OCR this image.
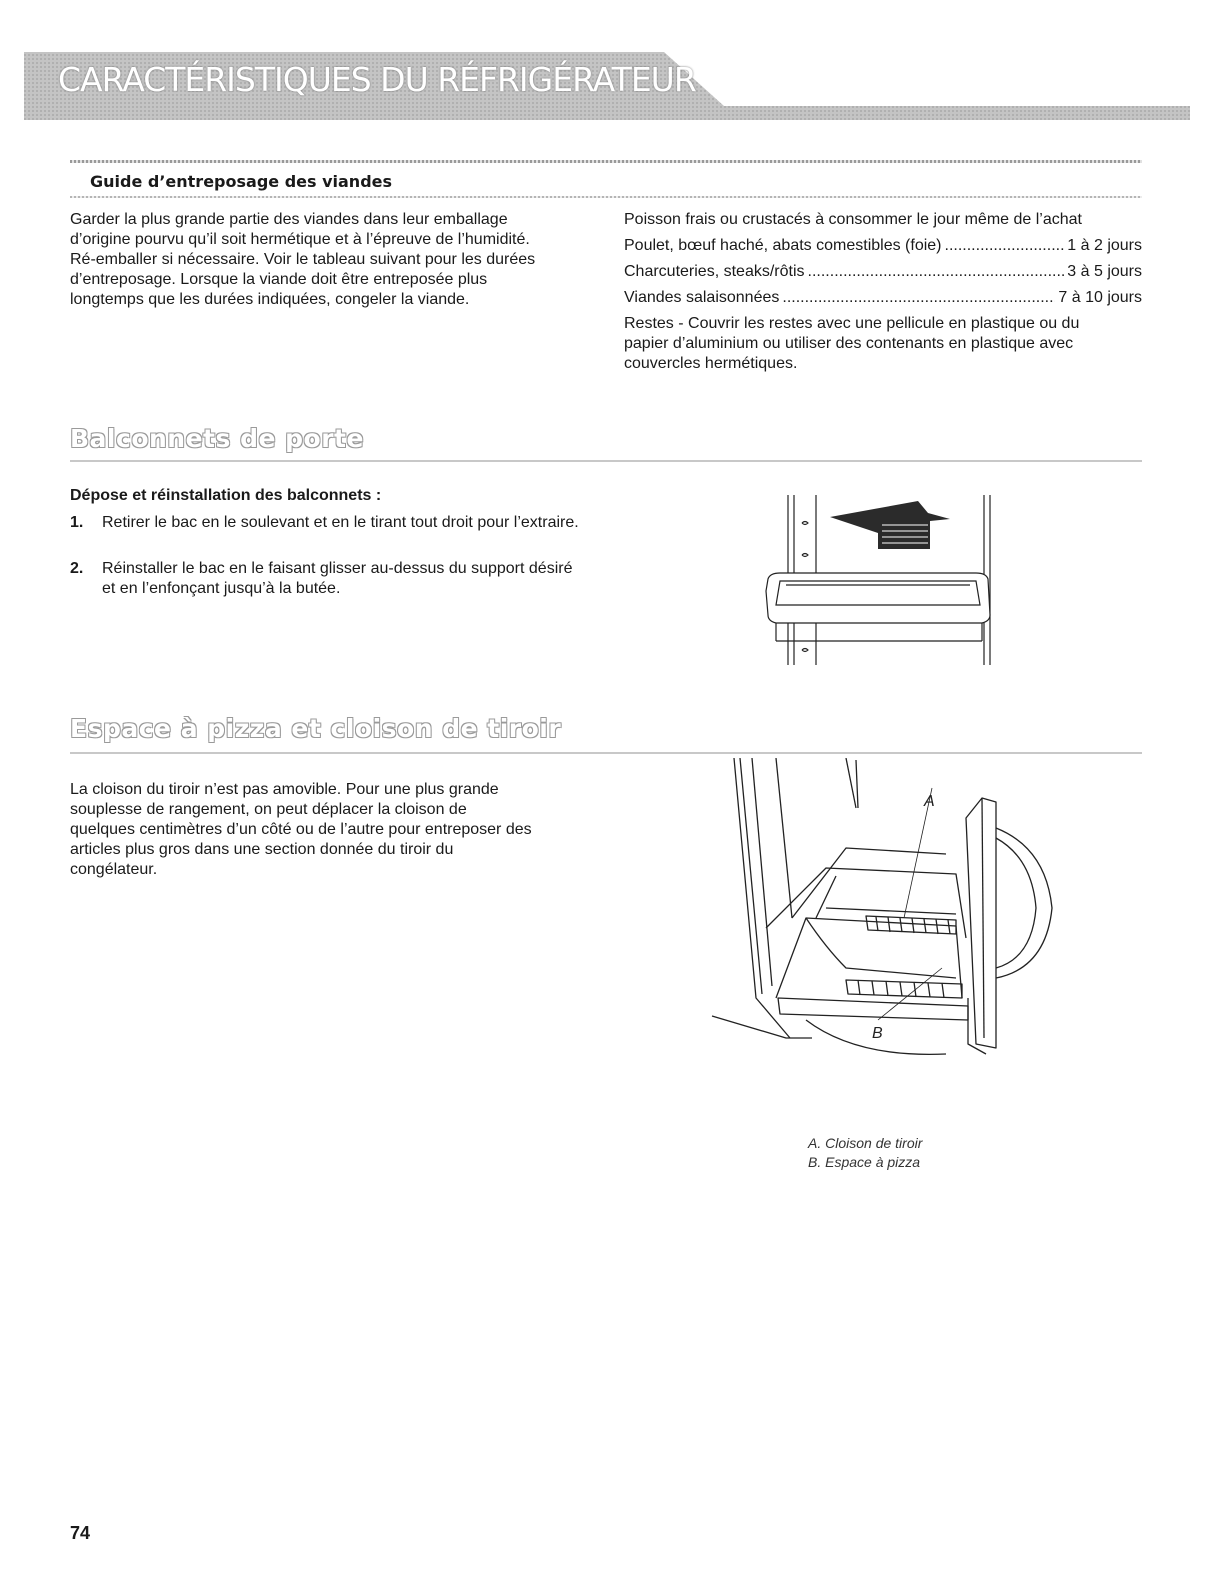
CARACTÉRISTIQUES DU RÉFRIGÉRATEUR
Guide d’entreposage des viandes
Garder la plus grande partie des viandes dans leur emballage
d’origine pourvu qu’il soit hermétique et à l’épreuve de l’humidité.
Ré-emballer si nécessaire. Voir le tableau suivant pour les durées
d’entreposage. Lorsque la viande doit être entreposée plus
longtemps que les durées indiquées, congeler la viande.
Poisson frais ou crustacés à consommer le jour même de l’achat
Poulet, bœuf haché, abats comestibles (foie) .....	1 à 2 jours
Charcuteries, steaks/rôtis .....	3 à 5 jours
Viandes salaisonnées .....	7 à 10 jours
Restes - Couvrir les restes avec une pellicule en plastique ou du
papier d’aluminium ou utiliser des contenants en plastique avec
couvercles hermétiques.
Balconnets de porte
Dépose et réinstallation des balconnets :
1.	Retirer le bac en le soulevant et en le tirant tout droit pour l’extraire.
2.	Réinstaller le bac en le faisant glisser au-dessus du support désiré et en l’enfonçant jusqu’à la butée.
Espace à pizza et cloison de tiroir
La cloison du tiroir n’est pas amovible. Pour une plus grande
souplesse de rangement, on peut déplacer la cloison de
quelques centimètres d’un côté ou de l’autre pour entreposer des
articles plus gros dans une section donnée du tiroir du
congélateur.
A
B
A. Cloison de tiroir
B. Espace à pizza
74
